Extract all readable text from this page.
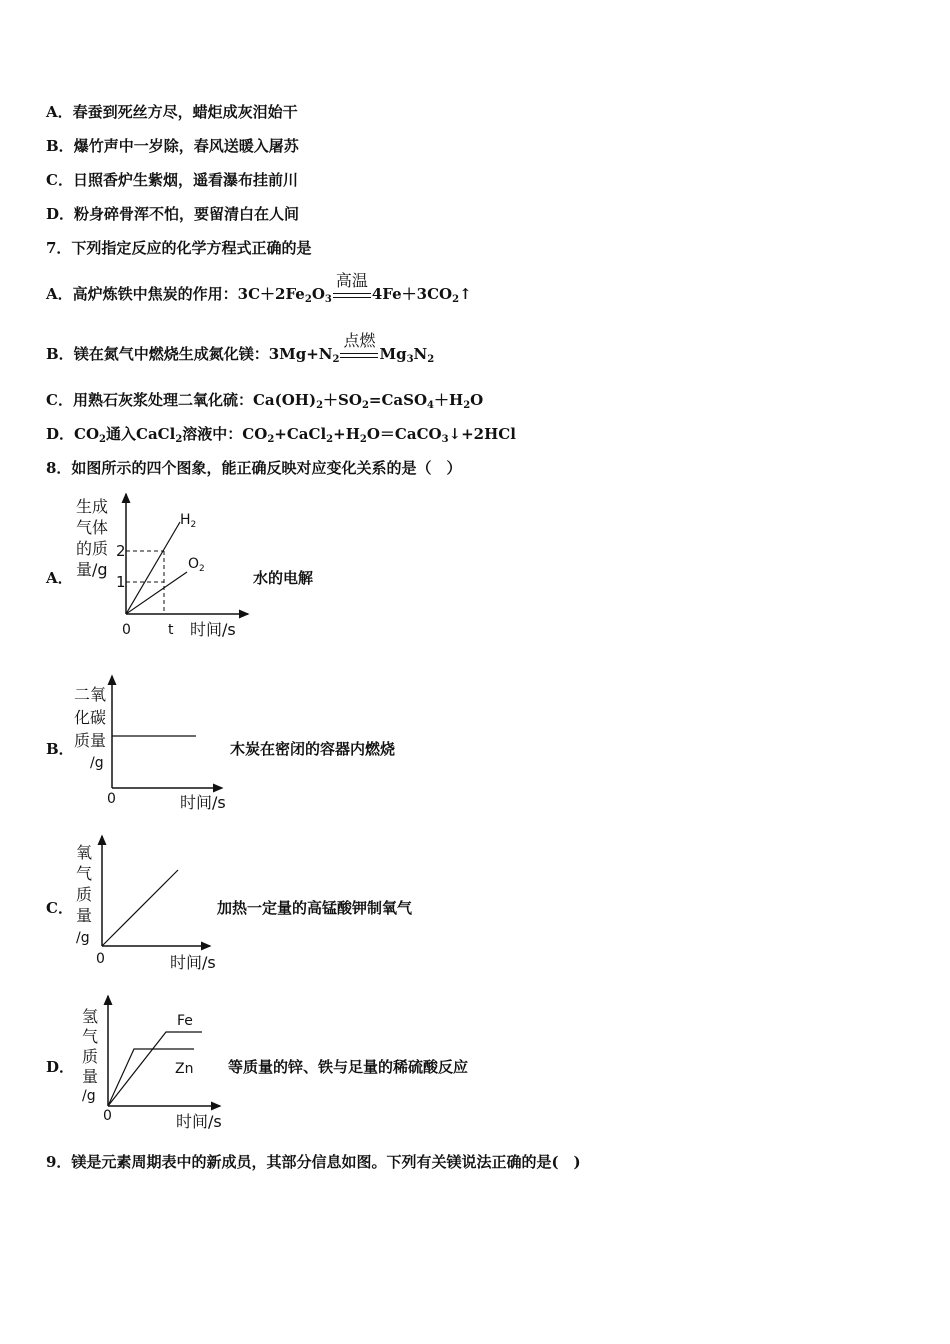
A．春蚕到死丝方尽，蜡炬成灰泪始干
B．爆竹声中一岁除，春风送暖入屠苏
C．日照香炉生紫烟，遥看瀑布挂前川
D．粉身碎骨浑不怕，要留清白在人间
7．下列指定反应的化学方程式正确的是
A．高炉炼铁中焦炭的作用：$3C+2Fe_2O_3$
高温
$4Fe+3CO_2↑$
B．镁在氮气中燃烧生成氮化镁：$3Mg+N_2$
点燃
$Mg_3N_2$
C．用熟石灰浆处理二氧化硫：$Ca(OH)_2+SO_2=CaSO_4+H_2O$
D．$CO_2$通入CaCl$_2$溶液中：$CO_2+CaCl_2+H_2O=CaCO_3↓+2HCl$
8．如图所示的四个图象，能正确反映对应变化关系的是（　）
A．
生成
气体
的质
量/g
2
1
0	t 时间/s
$H_2$
$O_2$	水的电解
B．
二氧
化碳
质量
/g
0	时间/s
木炭在密闭的容器内燃烧
C．
氧
气
质
量
/g
0	时间/s
加热一定量的高锰酸钾制氧气
D．
氢
气
质
量
/g
Fe
Zn
0	时间/s
等质量的锌、铁与足量的稀硫酸反应
9．镁是元素周期表中的新成员，其部分信息如图。下列有关镁说法正确的是(　)
